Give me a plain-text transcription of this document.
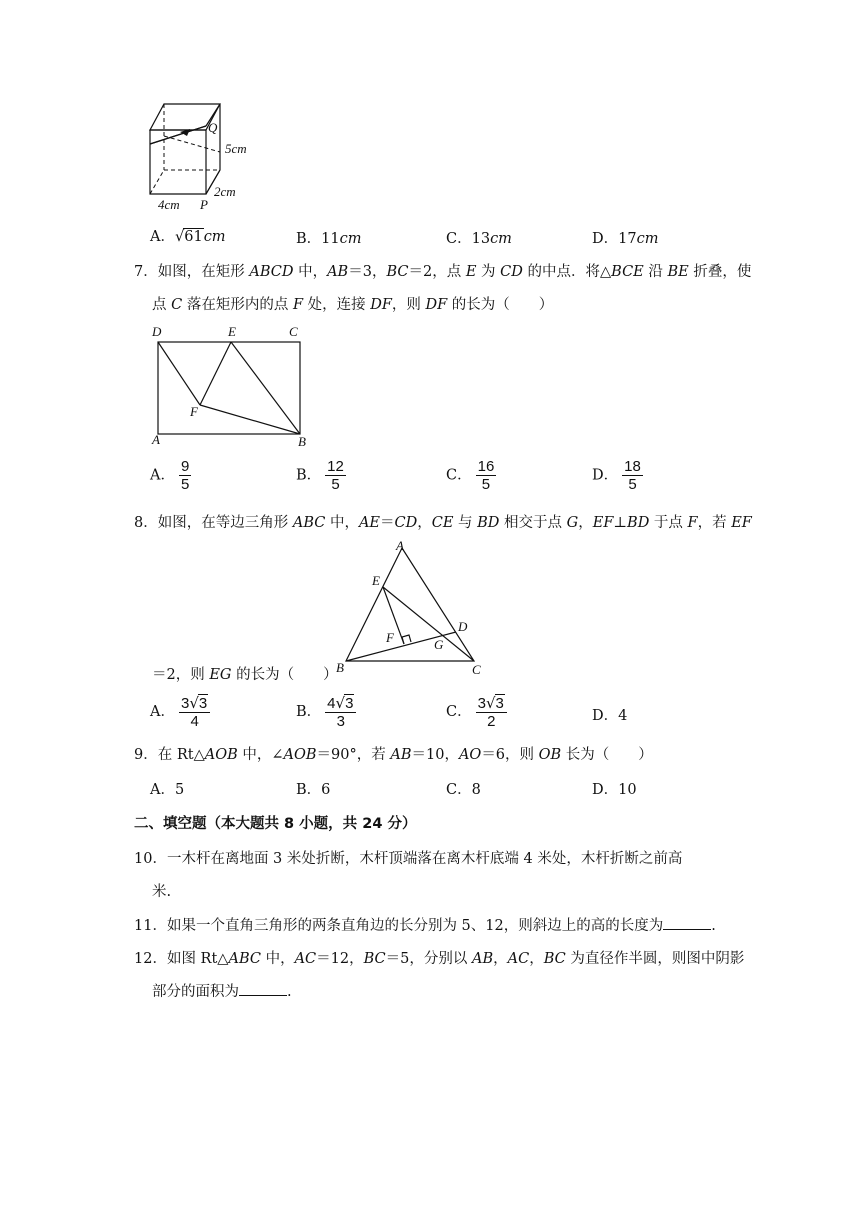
Q
P
5cm
4cm
2cm
A．√61cm	B．11cm	C．13cm	D．17cm
7．如图，在矩形 ABCD 中，AB＝3，BC＝2，点 E 为 CD 的中点．将△BCE 沿 BE 折叠，使
点 C 落在矩形内的点 F 处，连接 DF，则 DF 的长为（　　）
D	E	C
F
A	B
A． $\frac{9}{5}$	B． $\frac{12}{5}$	C． $\frac{16}{5}$	D． $\frac{18}{5}$
8．如图，在等边三角形 ABC 中，AE＝CD，CE 与 BD 相交于点 G，EF⊥BD 于点 F，若 EF
A
E
D
F	G
B	C
＝2，则 EG 的长为（　　）
A． $\frac{3√3}{4}$	B． $\frac{4√3}{3}$	C． $\frac{3√3}{2}$	D．4
9．在 Rt△AOB 中，∠AOB＝90°，若 AB＝10，AO＝6，则 OB 长为（　　）
A．5	B．6	C．8	D．10
二、填空题（本大题共 8 小题，共 24 分）
10．一木杆在离地面 3 米处折断，木杆顶端落在离木杆底端 4 米处，木杆折断之前高
米.
11．如果一个直角三角形的两条直角边的长分别为 5、12，则斜边上的高的长度为	.
12．如图 Rt△ABC 中，AC＝12，BC＝5，分别以 AB，AC，BC 为直径作半圆，则图中阴影
部分的面积为	.
